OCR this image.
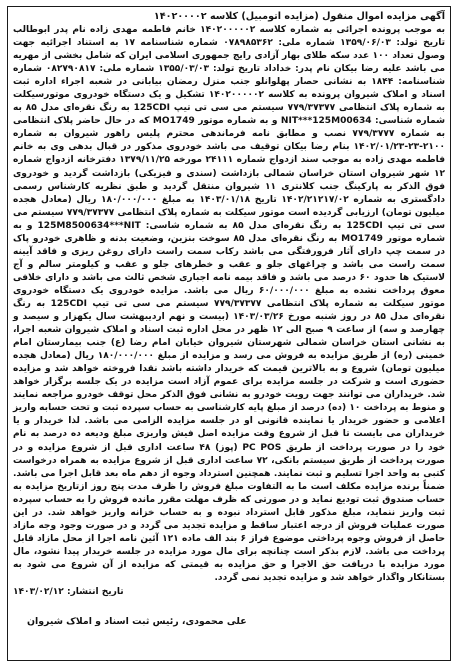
آگهی مزایده اموال منقول (مزایده اتومبیل) کلاسه ۱۴۰۲۰۰۰۰۲

به موجب پرونده اجرائی به شماره کلاسه ۱۴۰۲۰۰۰۰۰۲ خانم فاطمه مهدی زاده نام پدر ابوطالب تاریخ تولد: ۱۳۵۹/۰۶/۰۳ شماره ملی: ۰۷۸۹۸۵۳۶۲ شماره شناسنامه ۱۷ به استناد اجرائیه جهت وصول تعداد ۱۰۰ عدد سکه طلای بهار آزادی رایج جمهوری اسلامی ایران که شامل بخشی از مهریه می باشد علیه رضا بیکان نام پدر: خداداد تاریخ تولد: ۱۳۵۵/۰۳/۰۳ شماره ملی: ۰۸۲۷۹۰۸۱۷ شماره شناسنامه: ۱۸۴۴ به نشانی حصار پهلوانلو جنب منزل رمضان بیابانی در شعبه اجراء اداره ثبت اسناد و املاک شیروان پرونده به کلاسه ۱۴۰۲۰۰۰۰۰۲ تشکیل و یک دستگاه خودروی موتورسیکلت به شماره پلاک انتظامی ۷۷۹/۳۷۳۷۷ سیستم می سی تی تیپ 125CDI به رنگ نقره‌ای مدل ۸۵ به شماره شناسی: NIT***125M00634 و به شماره موتور MO1749 که در حال حاضر پلاک انتظامی به شماره ۷۷۹/۳۷۷۷ نصب و مطابق نامه فرماندهی محترم پلیس راهور شیروان به شماره ۲۱۰۰-۲۳-۱۴۰۲/۰۱/۲۳ بنام رضا بیکان توقیف می باشد خودروی مذکور در قبال بدهی وی به خانم فاطمه مهدی زاده به موجب سند ازدواج شماره ۲۴۱۱۱ مورخه ۱۳۷۹/۱۱/۲۵ دفترخانه ازدواج شماره ۱۲ شهر شیروان استان خراسان شمالی بازداشت (سندی و فیزیکی) بازداشت گردید و خودروی فوق الذکر به پارکینگ جنب کلانتری ۱۱ شیروان منتقل گردید و طبق نظریه کارشناس رسمی دادگستری به شماره ۱۴۰۲/۲۱۲۱۷/۰۲ تاریخ ۱۴۰۳/۰۱/۱۸ به مبلغ ۱۸۰/۰۰۰/۰۰۰ ریال (معادل هجده میلیون تومان) ارزیابی گردیده است موتور سیکلت به شماره پلاک انتظامی ۷۷۹/۳۷۳۷۷ سیستم می سی تی تیپ 125CDI به رنگ نقره‌ای مدل ۸۵ به شماره شاسی: 125M8500634***NIT و به شماره موتور MO1749 به رنگ نقره‌ای مدل ۸۵ سوخت بنزین، وضعیت بدنه و ظاهری خودرو پاک در سمت چپ دارای آثار فرورفتگی می باشد رکاب سمت راست دارای روغن ریزی و فاقد آیینه سمت راست می باشد و چراغهای جلو و عقب و خطرهای جلو و عقب و کیلومتر سالم و آج لاستیک ها حدود ۶۰ درصد می باشد و فاقد بیمه نامه اجباری شخص ثالث می باشد و دارای خلافی معوق پرداخت نشده به مبلغ ۶۰/۰۰۰/۰۰۰ ریال می باشد. مزایده خودروی یک دستگاه خودروی موتور سیکلت به شماره پلاک انتظامی ۷۷۹/۳۷۳۷۷ سیستم می سی تی تیپ 125CDI به رنگ نقره‌ای مدل ۸۵ در روز شنبه مورخ ۱۴۰۳/۰۳/۲۶ (بیست و نهم اردیبهشت سال یکهزار و سیصد و چهارصد و سه) از ساعت ۹ صبح الی ۱۲ ظهر در محل اداره ثبت اسناد و املاک شیروان شعبه اجرا، به نشانی استان خراسان شمالی شهرستان شیروان خیابان امام رضا (ع) جنب بیمارستان امام خمینی (ره) از طریق مزایده به فروش می رسد و مزایده از مبلغ ۱۸۰/۰۰۰/۰۰۰ ریال (معادل هجده میلیون تومان) شروع و به بالاترین قیمت که خریدار داشته باشد نقدا فروخته خواهد شد و مزایده حضوری است و شرکت در جلسه مزایده برای عموم آزاد است مزایده در یک جلسه برگزار خواهد شد. خریداران می توانند جهت رویت خودرو به نشانی فوق الذکر محل توقف خودرو مراجعه نمایند و منوط به پرداخت ۱۰ (ده) درصد از مبلغ پایه کارشناسی به حساب سپرده ثبت و تحت حسابه واریز اعلامی و حضور خریدار یا نماینده قانونی او در جلسه مزایده الزامی می باشد. لذا خریدار و یا خریداران می بایست تا قبل از شروع وقت مزایده اصل فیش واریزی مبلغ ودیعه ده درصد به نام خود را در صورت پرداخت از طریق PC POS (پوز) ۴۸ ساعت اداری قبل از شروع مزایده و در صورت پرداخت از طریق سیستم بانکی، ۷۲ ساعت اداری قبل از شروع مزایده به همراه درخواست کتبی به واحد اجرا تسلیم و ثبت نمایند. همچنین استرداد وجوه از دهم ماه بعد قابل اجرا می باشد. ضمناً برنده مزایده مکلف است ما به التفاوت مبلغ فروش را ظرف مدت پنج روز ازتاریخ مزایده به حساب صندوق ثبت تودیع نماید و در صورتی که ظرف مهلت مقرر مانده فروش را به حساب سپرده ثبت واریز ننماید، مبلغ مذکور قابل استرداد نبوده و به حساب خزانه واریز خواهد شد. در این صورت عملیات فروش از درجه اعتبار ساقط و مزایده تجدید می گردد و در صورت وجود وجه مازاد حاصل از فروش وجوه پرداختی موضوع فراز ۶ بند الف ماده ۱۲۱ آئین نامه اجرا از محل مازاد قابل پرداخت می باشد. لازم بذکر است چنانچه برای مال مورد مزایده در جلسه خریدار پیدا نشود، مال مورد مزایده با دریافت حق الاجرا و حق مزایده به قیمتی که مزایده از آن شروع می شود به بستانکار واگذار خواهد شد و مزایده تجدید نمی گردد.

تاریخ انتشار: ۱۴۰۳/۰۲/۱۲
علی محمودی، رئیس ثبت اسناد و املاک شیروان
